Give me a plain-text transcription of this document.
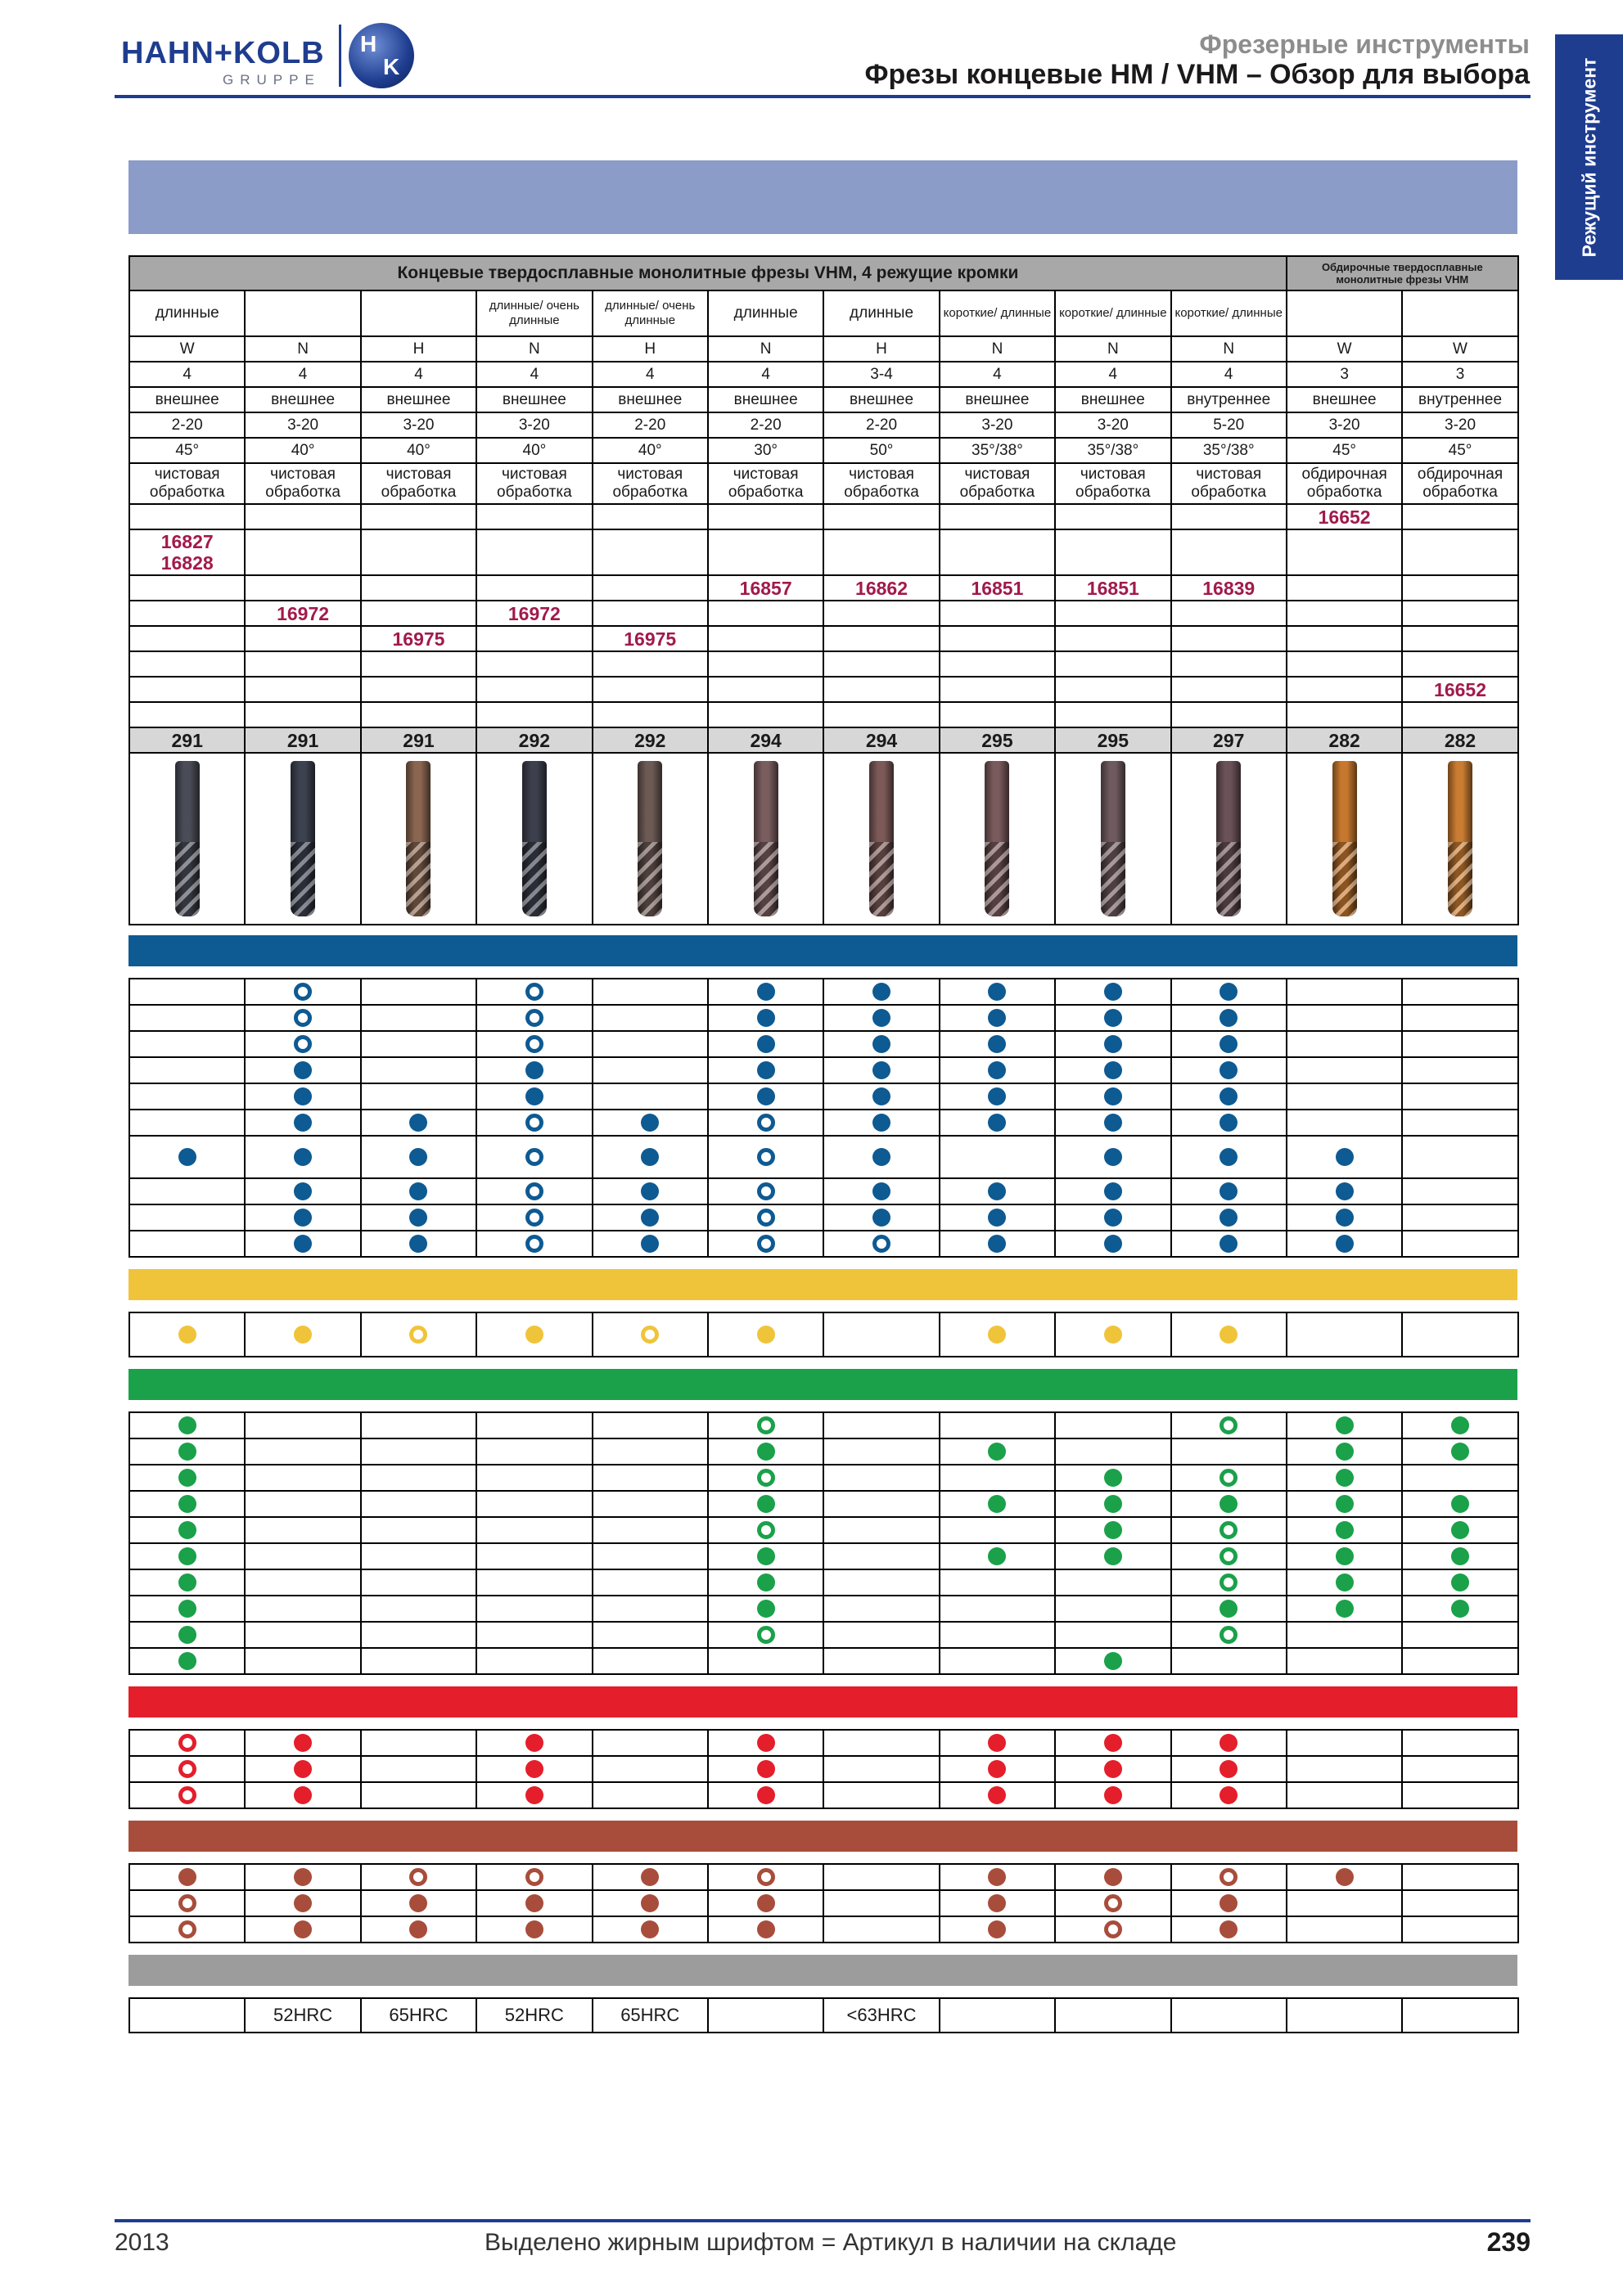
HAHN+KOLB
GRUPPE
H
K
Фрезерные инструменты
Фрезы концевые HM / VHM – Обзор для выбора	Режущий инструмент
Концевые твердосплавные монолитные фрезы VHM, 4 режущие кромки										Обдирочные твердосплавные монолитные фрезы VHM	
длинные			длинные/ очень длинные	длинные/ очень длинные	длинные	длинные	короткие/ длинные	короткие/ длинные	короткие/ длинные		
W	N	H	N	H	N	H	N	N	N	W	W
4	4	4	4	4	4	3-4	4	4	4	3	3
внешнее	внешнее	внешнее	внешнее	внешнее	внешнее	внешнее	внешнее	внешнее	внутреннее	внешнее	внутреннее
2-20	3-20	3-20	3-20	2-20	2-20	2-20	3-20	3-20	5-20	3-20	3-20
45°	40°	40°	40°	40°	30°	50°	35°/38°	35°/38°	35°/38°	45°	45°
чистовая обработка	чистовая обработка	чистовая обработка	чистовая обработка	чистовая обработка	чистовая обработка	чистовая обработка	чистовая обработка	чистовая обработка	чистовая обработка	обдирочная обработка	обдирочная обработка
										16652	
16827
16828											
					16857	16862	16851	16851	16839		
	16972		16972								
		16975		16975							

											16652

291	291	291	292	292	294	294	295	295	297	282	282

	52HRC	65HRC	52HRC	65HRC		<63HRC					
2013	Выделено жирным шрифтом = Артикул в наличии на складе	239
